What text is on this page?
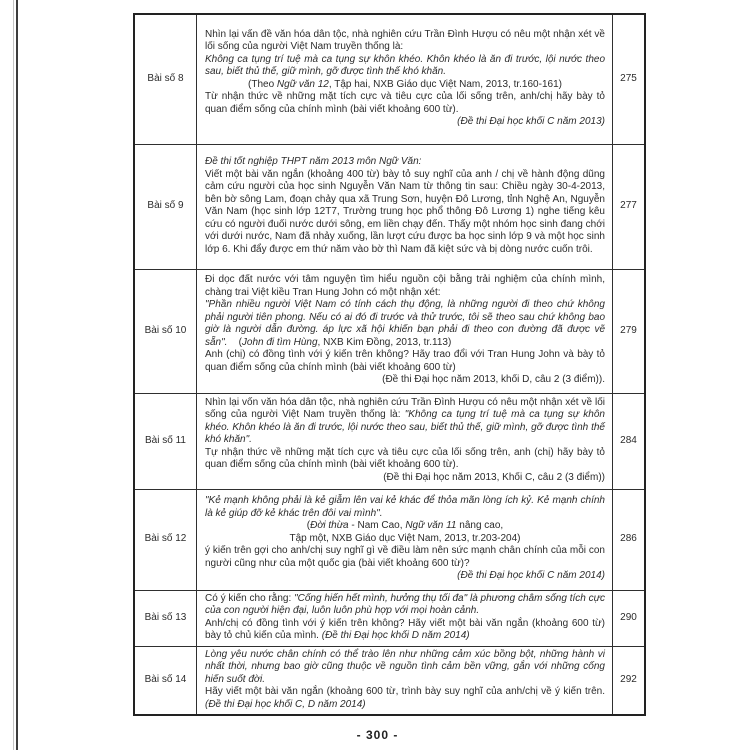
Bài số 8	Nhìn lại vấn đề văn hóa dân tộc, nhà nghiên cứu Trần Đình Hượu có nêu một nhận xét về lối sống của người Việt Nam truyền thống là:
Không ca tụng trí tuệ mà ca tụng sự khôn khéo. Khôn khéo là ăn đi trước, lội nước theo sau, biết thủ thế, giữ mình, gỡ được tình thế khó khăn.
(Theo Ngữ văn 12, Tập hai, NXB Giáo dục Việt Nam, 2013, tr.160-161)
Từ nhận thức về những mặt tích cực và tiêu cực của lối sống trên, anh/chị hãy bày tỏ quan điểm sống của chính mình (bài viết khoảng 600 từ).
(Đề thi Đại học khối C năm 2013)	275
Bài số 9	Đề thi tốt nghiệp THPT năm 2013 môn Ngữ Văn:
Viết một bài văn ngắn (khoảng 400 từ) bày tỏ suy nghĩ của anh / chị về hành động dũng cảm cứu người của học sinh Nguyễn Văn Nam từ thông tin sau: Chiều ngày 30-4-2013, bên bờ sông Lam, đoạn chảy qua xã Trung Sơn, huyện Đô Lương, tỉnh Nghệ An, Nguyễn Văn Nam (học sinh lớp 12T7, Trường trung học phổ thông Đô Lương 1) nghe tiếng kêu cứu có người đuối nước dưới sông, em liền chạy đến. Thấy một nhóm học sinh đang chới với dưới nước, Nam đã nhảy xuống, lần lượt cứu được ba học sinh lớp 9 và một học sinh lớp 6. Khi đẩy được em thứ năm vào bờ thì Nam đã kiệt sức và bị dòng nước cuốn trôi.	277
Bài số 10	Đi dọc đất nước với tâm nguyện tìm hiểu nguồn cội bằng trải nghiệm của chính mình, chàng trai Việt kiều Tran Hung John có một nhận xét:
"Phần nhiều người Việt Nam có tính cách thụ động, là những người đi theo chứ không phải người tiên phong. Nếu có ai đó đi trước và thử trước, tôi sẽ theo sau chứ không bao giờ là người dẫn đường. áp lực xã hội khiến bạn phải đi theo con đường đã được vẽ sẵn".    (John đi tìm Hùng, NXB Kim Đồng, 2013, tr.113)
Anh (chị) có đồng tình với ý kiến trên không? Hãy trao đổi với Tran Hung John và bày tỏ quan điểm sống của chính mình (bài viết khoảng 600 từ)
(Đề thi Đại học năm 2013, khối D, câu 2 (3 điểm)).	279
Bài số 11	Nhìn lại vốn văn hóa dân tộc, nhà nghiên cứu Trần Đình Hượu có nêu một nhận xét về lối sống của người Việt Nam truyền thống là: "Không ca tụng trí tuệ mà ca tụng sự khôn khéo. Khôn khéo là ăn đi trước, lội nước theo sau, biết thủ thế, giữ mình, gỡ được tình thế khó khăn".
Tự nhận thức về những mặt tích cực và tiêu cực của lối sống trên, anh (chị) hãy bày tỏ quan điểm sống của chính mình (bài viết khoảng 600 từ).
(Đề thi Đại học năm 2013, Khối C, câu 2 (3 điểm))	284
Bài số 12	"Kẻ mạnh không phải là kẻ giẫm lên vai kẻ khác để thỏa mãn lòng ích kỷ. Kẻ mạnh chính là kẻ giúp đỡ kẻ khác trên đôi vai mình".
(Đời thừa - Nam Cao, Ngữ văn 11 nâng cao,
Tập một, NXB Giáo dục Việt Nam, 2013, tr.203-204)
ý kiến trên gợi cho anh/chị suy nghĩ gì về điều làm nên sức mạnh chân chính của mỗi con người cũng như của một quốc gia (bài viết khoảng 600 từ)?
(Đề thi Đại học khối C năm 2014)	286
Bài số 13	Có ý kiến cho rằng: "Cống hiến hết mình, hưởng thụ tối đa" là phương châm sống tích cực của con người hiện đại, luôn luôn phù hợp với mọi hoàn cảnh.
Anh/chị có đồng tình với ý kiến trên không? Hãy viết một bài văn ngắn (khoảng 600 từ) bày tỏ chủ kiến của mình. (Đề thi Đại học khối D năm 2014)	290
Bài số 14	Lòng yêu nước chân chính có thể trào lên như những cảm xúc bồng bột, những hành vi nhất thời, nhưng bao giờ cũng thuộc về nguồn tình cảm bền vững, gắn với những cống hiến suốt đời.
Hãy viết một bài văn ngắn (khoảng 600 từ, trình bày suy nghĩ của anh/chị về ý kiến trên. (Đề thi Đại học khối C, D năm 2014)	292
- 300 -
